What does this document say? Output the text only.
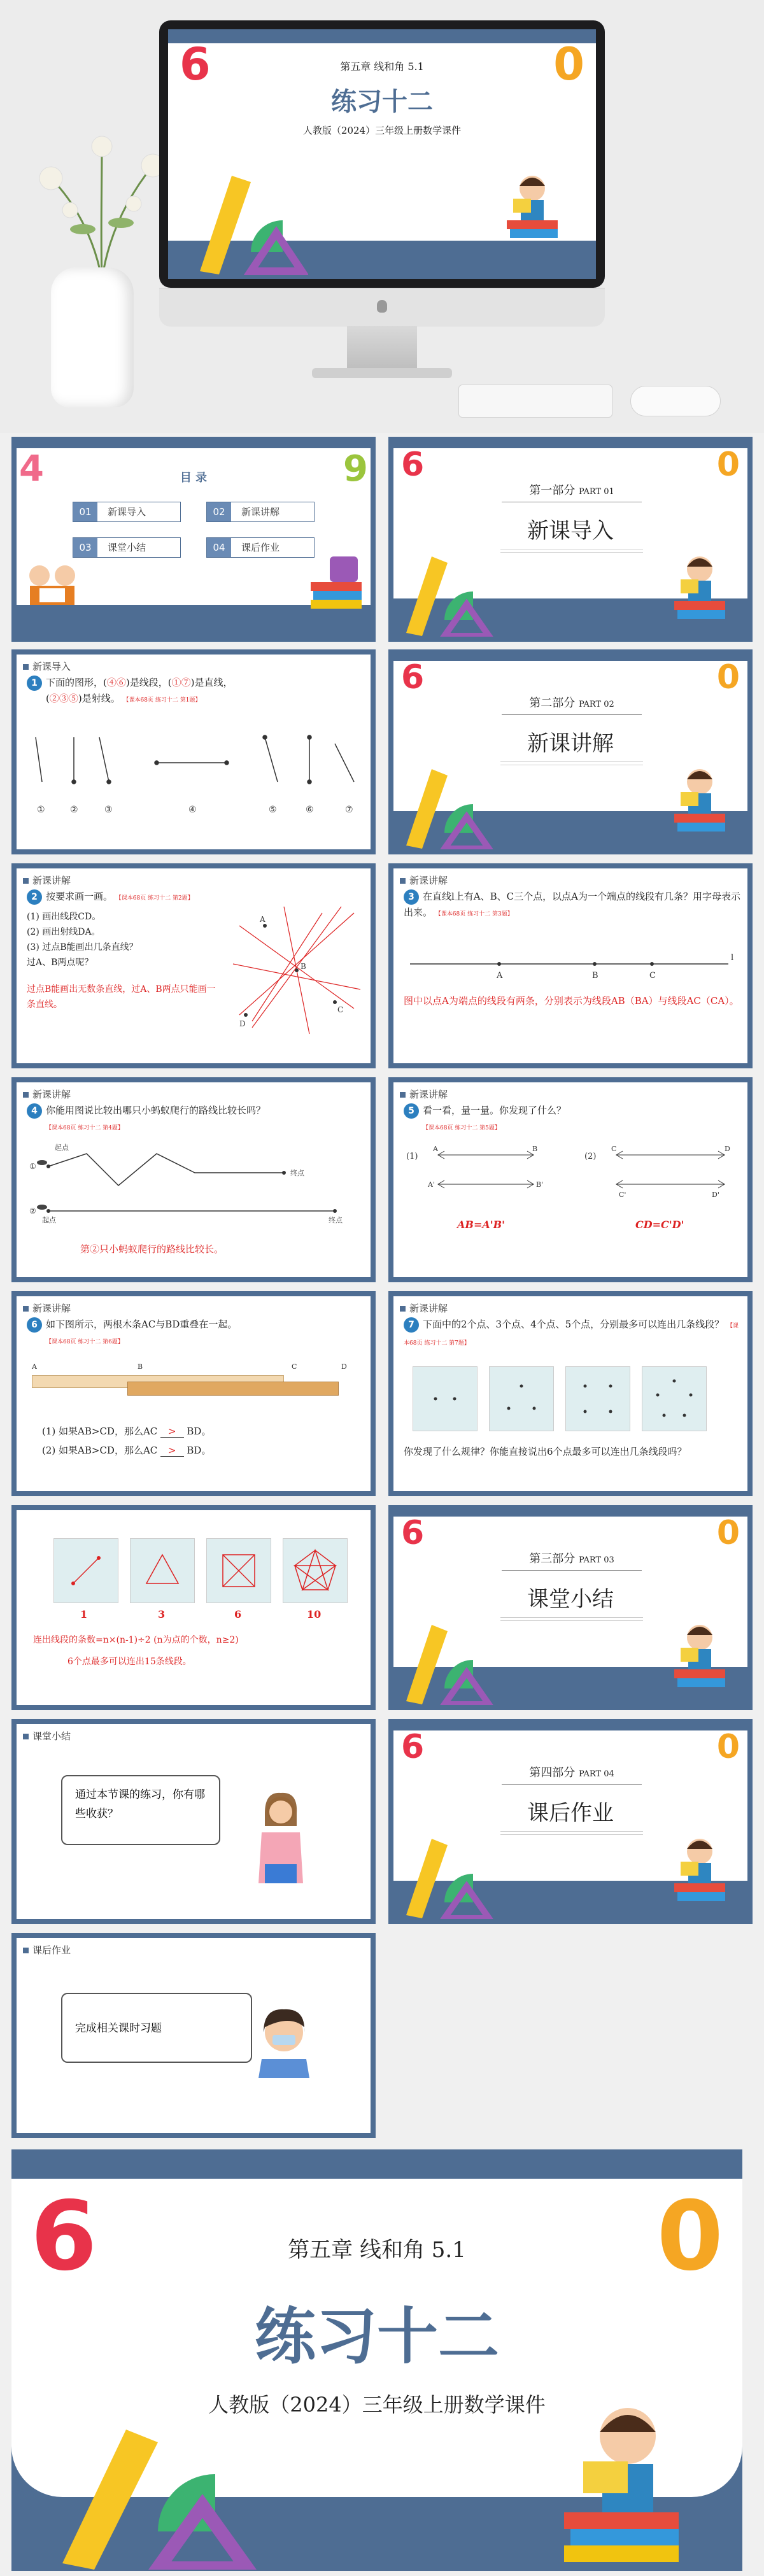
6	0
第五章 线和角 5.1
练习十二
人教版（2024）三年级上册数学课件
4	9
目 录
01 新课导入	02 新课讲解
03 课堂小结	04 课后作业
6	0
第一部分 PART 01
新课导入
新课导入
1 下面的图形，(④⑥)是线段，(①⑦)是直线，
(②③⑤)是射线。 【课本68页 练习十二 第1题】
①	②	③	④	⑤	⑥	⑦
6	0
第二部分 PART 02
新课讲解
新课讲解
2 按要求画一画。 【课本68页 练习十二 第2题】
(1) 画出线段CD。
(2) 画出射线DA。
(3) 过点B能画出几条直线？
过A、B两点呢？
过点B能画出无数条直线，过A、B两点只能画一条直线。
A
B
C
D
新课讲解
3 在直线l上有A、B、C三个点，以点A为一个端点的线段有几条？用字母表示出来。 【课本68页 练习十二 第3题】
A	B	C
l
图中以点A为端点的线段有两条，分别表示为线段AB（BA）与线段AC（CA）。
新课讲解
4 你能用图说比较出哪只小蚂蚁爬行的路线比较长吗？
【课本68页 练习十二 第4题】
①
②
起点
终点
起点	终点
第②只小蚂蚁爬行的路线比较长。
新课讲解
5 看一看，量一量。你发现了什么？
【课本68页 练习十二 第5题】
(1)
A	B
A'	B'
(2)
C	D
C'	D'
AB=A'B'	CD=C'D'
新课讲解
6 如下图所示，两根木条AC与BD重叠在一起。
【课本68页 练习十二 第6题】
A	B	C	D
(1) 如果AB>CD，那么AC > BD。
(2) 如果AB>CD，那么AC > BD。
新课讲解
7 下面中的2个点、3个点、4个点、5个点，分别最多可以连出几条线段？ 【课本68页 练习十二 第7题】
你发现了什么规律？你能直接说出6个点最多可以连出几条线段吗？
1	3	6	10
连出线段的条数=n×(n-1)÷2 (n为点的个数，n≥2)
6个点最多可以连出15条线段。
6	0
第三部分 PART 03
课堂小结
课堂小结
通过本节课的练习，你有哪些收获？
6	0
第四部分 PART 04
课后作业
课后作业
完成相关课时习题
6	0
第五章 线和角 5.1
练习十二
人教版（2024）三年级上册数学课件
